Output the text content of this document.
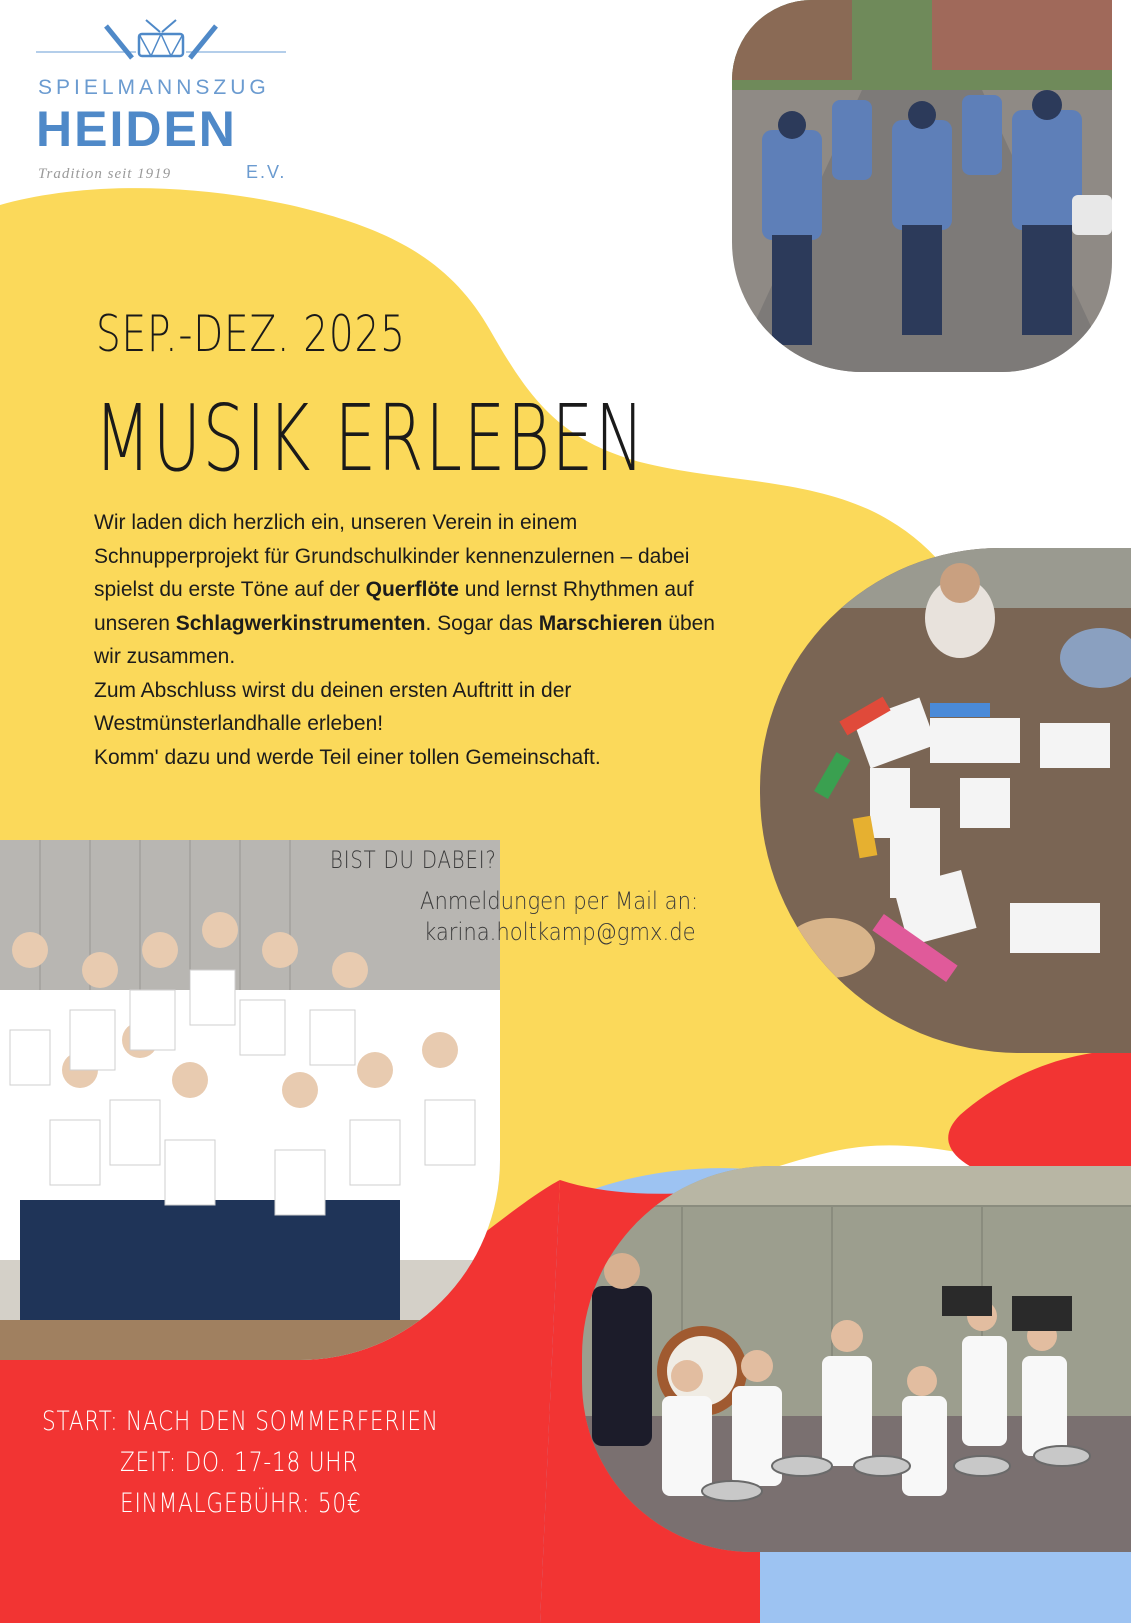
SPIELMANNSZUG
HEIDEN
Tradition seit 1919	E.V.
SEP.-DEZ. 2025
MUSIK ERLEBEN
Wir laden dich herzlich ein, unseren Verein in einem Schnupperprojekt für Grundschulkinder kennenzulernen – dabei spielst du erste Töne auf der Querflöte und lernst Rhythmen auf unseren Schlagwerkinstrumenten. Sogar das Marschieren üben wir zusammen.
Zum Abschluss wirst du deinen ersten Auftritt in der Westmünsterlandhalle erleben!
Komm' dazu und werde Teil einer tollen Gemeinschaft.
BIST DU DABEI?
Anmeldungen per Mail an:
karina.holtkamp@gmx.de
START: NACH DEN SOMMERFERIEN
ZEIT: DO. 17-18 UHR
EINMALGEBÜHR: 50€
